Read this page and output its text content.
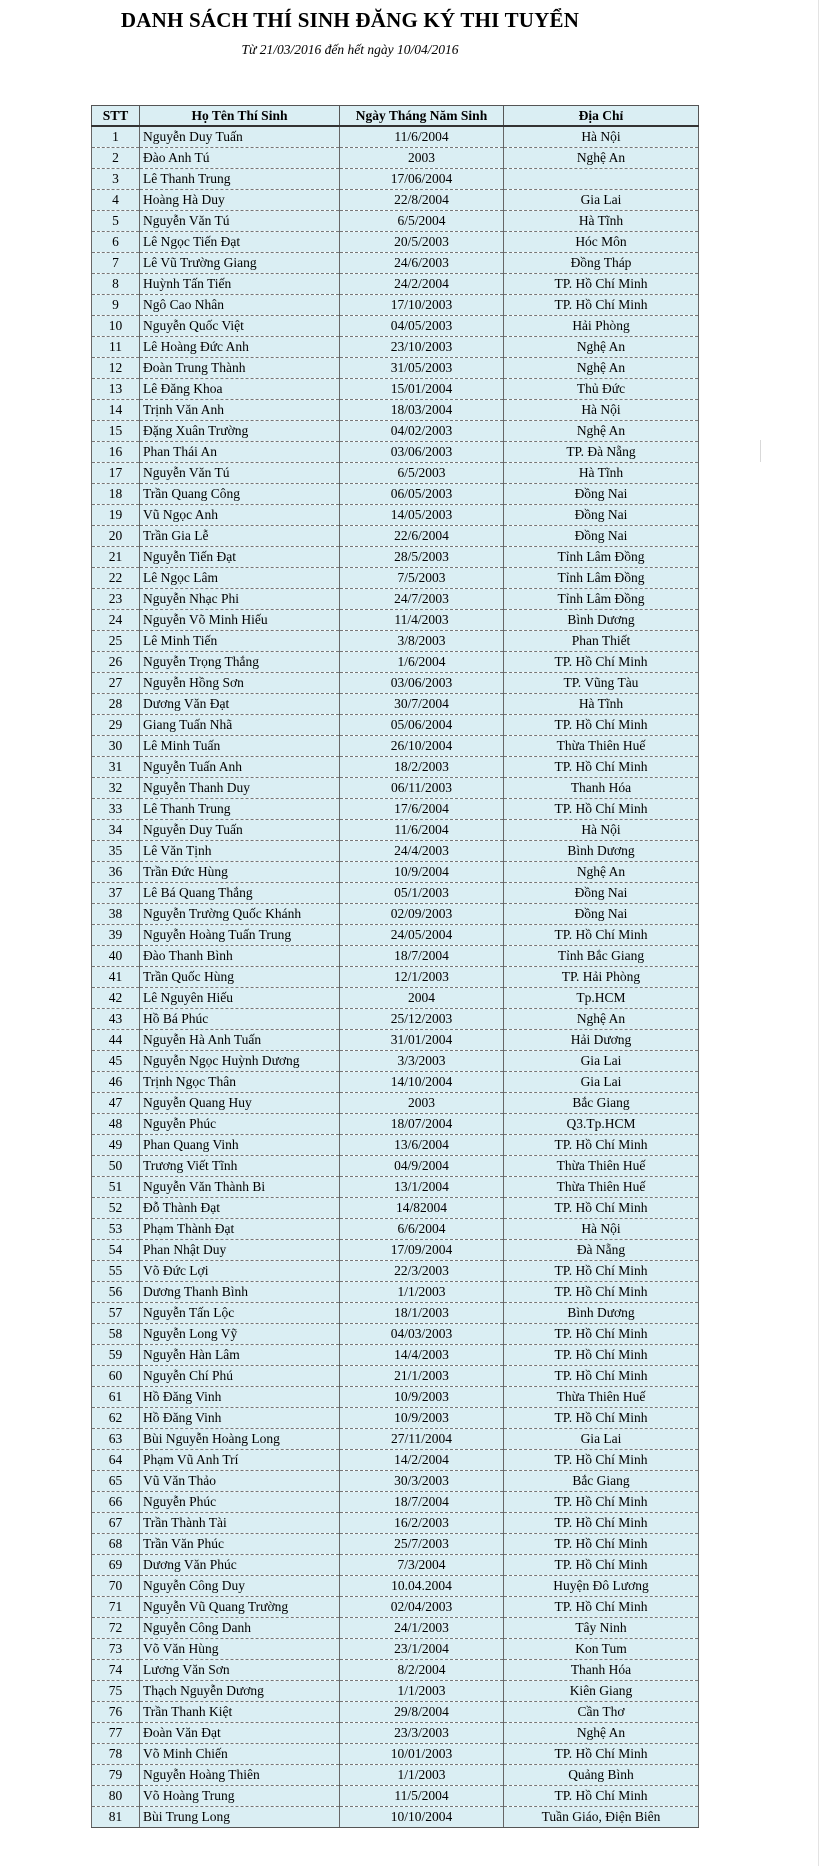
DANH SÁCH THÍ SINH ĐĂNG KÝ THI TUYỂN
Từ 21/03/2016 đến hết ngày 10/04/2016
STT	Họ Tên Thí Sinh	Ngày Tháng Năm Sinh	Địa Chỉ
1	Nguyễn Duy Tuấn	11/6/2004	Hà Nội
2	Đào Anh Tú	2003	Nghệ An
3	Lê Thanh Trung	17/06/2004	
4	Hoàng Hà Duy	22/8/2004	Gia Lai
5	Nguyễn Văn Tú	6/5/2004	Hà Tĩnh
6	Lê Ngọc Tiến Đạt	20/5/2003	Hóc Môn
7	Lê Vũ Trường Giang	24/6/2003	Đồng Tháp
8	Huỳnh Tấn Tiến	24/2/2004	TP. Hồ Chí Minh
9	Ngô Cao Nhân	17/10/2003	TP. Hồ Chí Minh
10	Nguyễn Quốc Việt	04/05/2003	Hải Phòng
11	Lê Hoàng Đức Anh	23/10/2003	Nghệ An
12	Đoàn Trung Thành	31/05/2003	Nghệ An
13	Lê Đăng Khoa	15/01/2004	Thủ Đức
14	Trịnh Văn Anh	18/03/2004	Hà Nội
15	Đặng Xuân Trường	04/02/2003	Nghệ An
16	Phan Thái An	03/06/2003	TP. Đà Nẵng
17	Nguyễn Văn Tú	6/5/2003	Hà Tĩnh
18	Trần Quang Công	06/05/2003	Đồng Nai
19	Vũ Ngọc Anh	14/05/2003	Đồng Nai
20	Trần Gia Lễ	22/6/2004	Đồng Nai
21	Nguyễn Tiến Đạt	28/5/2003	Tỉnh Lâm Đồng
22	Lê Ngọc Lâm	7/5/2003	Tỉnh Lâm Đồng
23	Nguyễn Nhạc Phi	24/7/2003	Tỉnh Lâm Đồng
24	Nguyễn Võ Minh Hiếu	11/4/2003	Bình Dương
25	Lê Minh Tiến	3/8/2003	Phan Thiết
26	Nguyễn Trọng Thắng	1/6/2004	TP. Hồ Chí Minh
27	Nguyễn Hồng Sơn	03/06/2003	TP. Vũng Tàu
28	Dương Văn Đạt	30/7/2004	Hà Tĩnh
29	Giang Tuấn Nhã	05/06/2004	TP. Hồ Chí Minh
30	Lê Minh Tuấn	26/10/2004	Thừa Thiên Huế
31	Nguyễn Tuấn Anh	18/2/2003	TP. Hồ Chí Minh
32	Nguyễn Thanh Duy	06/11/2003	Thanh Hóa
33	Lê Thanh Trung	17/6/2004	TP. Hồ Chí Minh
34	Nguyễn Duy Tuấn	11/6/2004	Hà Nội
35	Lê Văn Tịnh	24/4/2003	Bình Dương
36	Trần Đức Hùng	10/9/2004	Nghệ An
37	Lê Bá Quang Thắng	05/1/2003	Đồng Nai
38	Nguyễn Trường Quốc Khánh	02/09/2003	Đồng Nai
39	Nguyễn Hoàng Tuấn Trung	24/05/2004	TP. Hồ Chí Minh
40	Đào Thanh Bình	18/7/2004	Tỉnh Bắc Giang
41	Trần Quốc Hùng	12/1/2003	TP. Hải Phòng
42	Lê Nguyên Hiếu	2004	Tp.HCM
43	Hồ Bá Phúc	25/12/2003	Nghệ An
44	Nguyễn Hà Anh Tuấn	31/01/2004	Hải Dương
45	Nguyễn Ngọc Huỳnh Dương	3/3/2003	Gia Lai
46	Trịnh Ngọc Thân	14/10/2004	Gia Lai
47	Nguyễn Quang Huy	2003	Bắc Giang
48	Nguyễn Phúc	18/07/2004	Q3.Tp.HCM
49	Phan Quang Vinh	13/6/2004	TP. Hồ Chí Minh
50	Trương Viết Tĩnh	04/9/2004	Thừa Thiên Huế
51	Nguyễn Văn Thành Bi	13/1/2004	Thừa Thiên Huế
52	Đỗ Thành Đạt	14/82004	TP. Hồ Chí Minh
53	Phạm Thành Đạt	6/6/2004	Hà Nội
54	Phan Nhật Duy	17/09/2004	Đà Nẵng
55	Võ Đức Lợi	22/3/2003	TP. Hồ Chí Minh
56	Dương Thanh Bình	1/1/2003	TP. Hồ Chí Minh
57	Nguyễn Tấn Lộc	18/1/2003	Bình Dương
58	Nguyễn Long Vỹ	04/03/2003	TP. Hồ Chí Minh
59	Nguyễn Hàn Lâm	14/4/2003	TP. Hồ Chí Minh
60	Nguyễn Chí Phú	21/1/2003	TP. Hồ Chí Minh
61	Hồ Đăng Vinh	10/9/2003	Thừa Thiên Huế
62	Hồ Đăng Vinh	10/9/2003	TP. Hồ Chí Minh
63	Bùi Nguyễn Hoàng Long	27/11/2004	Gia Lai
64	Phạm Vũ Anh Trí	14/2/2004	TP. Hồ Chí Minh
65	Vũ Văn Thảo	30/3/2003	Bắc Giang
66	Nguyễn Phúc	18/7/2004	TP. Hồ Chí Minh
67	Trần Thành Tài	16/2/2003	TP. Hồ Chí Minh
68	Trần Văn Phúc	25/7/2003	TP. Hồ Chí Minh
69	Dương Văn Phúc	7/3/2004	TP. Hồ Chí Minh
70	Nguyễn Công Duy	10.04.2004	Huyện Đô Lương
71	Nguyễn Vũ Quang Trường	02/04/2003	TP. Hồ Chí Minh
72	Nguyễn Công Danh	24/1/2003	Tây Ninh
73	Võ Văn Hùng	23/1/2004	Kon Tum
74	Lương Văn Sơn	8/2/2004	Thanh Hóa
75	Thạch Nguyễn Dương	1/1/2003	Kiên Giang
76	Trần Thanh Kiệt	29/8/2004	Cần Thơ
77	Đoàn Văn Đạt	23/3/2003	Nghệ An
78	Võ Minh Chiến	10/01/2003	TP. Hồ Chí Minh
79	Nguyễn Hoàng Thiên	1/1/2003	Quảng Bình
80	Võ Hoàng Trung	11/5/2004	TP. Hồ Chí Minh
81	Bùi Trung Long	10/10/2004	Tuần Giáo, Điện Biên
